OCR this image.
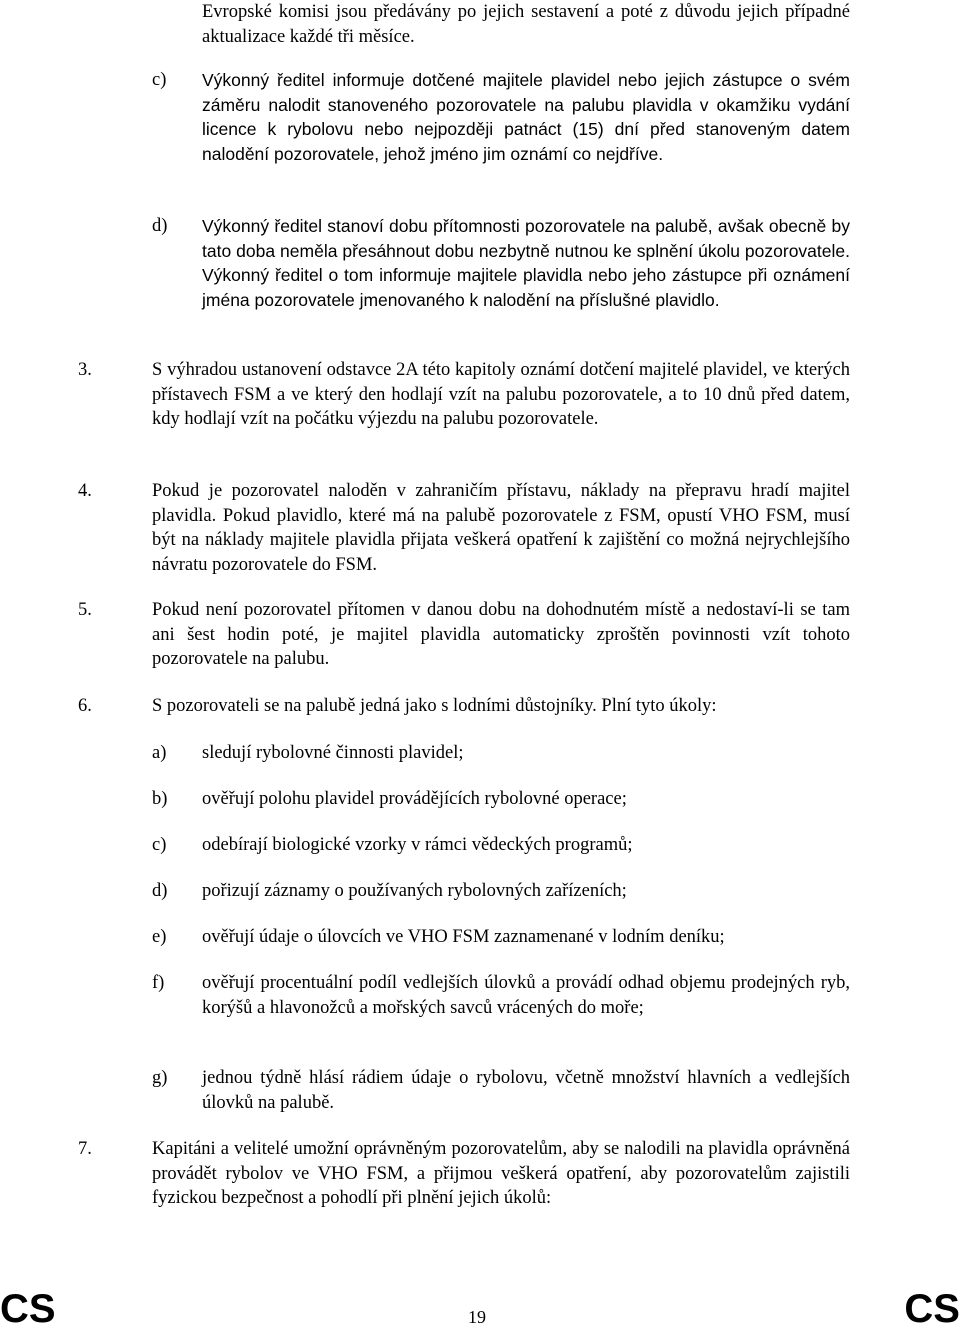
Evropské komisi jsou předávány po jejich sestavení a poté z důvodu jejich případné aktualizace každé tři měsíce.
c) Výkonný ředitel informuje dotčené majitele plavidel nebo jejich zástupce o svém záměru nalodit stanoveného pozorovatele na palubu plavidla v okamžiku vydání licence k rybolovu nebo nejpozději patnáct (15) dní před stanoveným datem nalodění pozorovatele, jehož jméno jim oznámí co nejdříve.
d) Výkonný ředitel stanoví dobu přítomnosti pozorovatele na palubě, avšak obecně by tato doba neměla přesáhnout dobu nezbytně nutnou ke splnění úkolu pozorovatele. Výkonný ředitel o tom informuje majitele plavidla nebo jeho zástupce při oznámení jména pozorovatele jmenovaného k nalodění na příslušné plavidlo.
3.	S výhradou ustanovení odstavce 2A této kapitoly oznámí dotčení majitelé plavidel, ve kterých přístavech FSM a ve který den hodlají vzít na palubu pozorovatele, a to 10 dnů před datem, kdy hodlají vzít na počátku výjezdu na palubu pozorovatele.
4.	Pokud je pozorovatel naloděn v zahraničím přístavu, náklady na přepravu hradí majitel plavidla. Pokud plavidlo, které má na palubě pozorovatele z FSM, opustí VHO FSM, musí být na náklady majitele plavidla přijata veškerá opatření k zajištění co možná nejrychlejšího návratu pozorovatele do FSM.
5.	Pokud není pozorovatel přítomen v danou dobu na dohodnutém místě a nedostaví-li se tam ani šest hodin poté, je majitel plavidla automaticky zproštěn povinnosti vzít tohoto pozorovatele na palubu.
6.	S pozorovateli se na palubě jedná jako s lodními důstojníky. Plní tyto úkoly:
a) sledují rybolovné činnosti plavidel;
b) ověřují polohu plavidel provádějících rybolovné operace;
c) odebírají biologické vzorky v rámci vědeckých programů;
d) pořizují záznamy o používaných rybolovných zařízeních;
e) ověřují údaje o úlovcích ve VHO FSM zaznamenané v lodním deníku;
f) ověřují procentuální podíl vedlejších úlovků a provádí odhad objemu prodejných ryb, korýšů a hlavonožců a mořských savců vrácených do moře;
g) jednou týdně hlásí rádiem údaje o rybolovu, včetně množství hlavních a vedlejších úlovků na palubě.
7.	Kapitáni a velitelé umožní oprávněným pozorovatelům, aby se nalodili na plavidla oprávněná provádět rybolov ve VHO FSM, a přijmou veškerá opatření, aby pozorovatelům zajistili fyzickou bezpečnost a pohodlí při plnění jejich úkolů:
CS	19	CS
